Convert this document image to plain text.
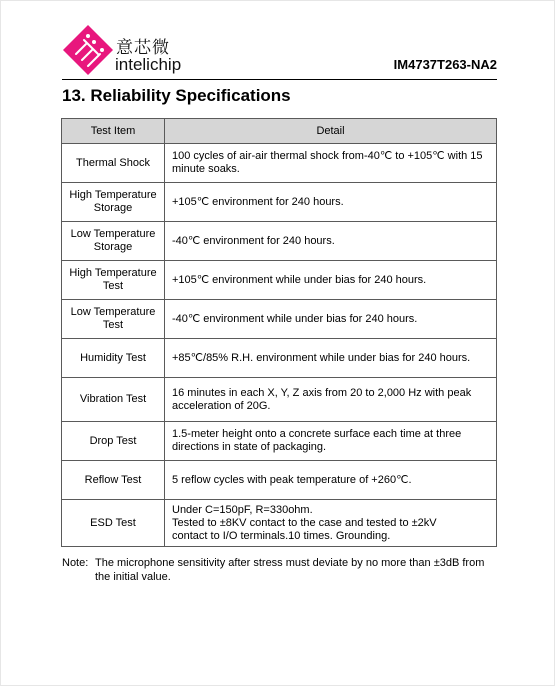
意芯微
intelichip	IM4737T263-NA2
13. Reliability Specifications
Test Item	Detail
Thermal Shock	100 cycles of air-air thermal shock from-40℃ to +105℃ with 15 minute soaks.
High Temperature Storage	+105℃ environment for 240 hours.
Low Temperature Storage	-40℃ environment for 240 hours.
High Temperature Test	+105℃ environment while under bias for 240 hours.
Low Temperature Test	-40℃ environment while under bias for 240 hours.
Humidity Test	+85℃/85% R.H. environment while under bias for 240 hours.
Vibration Test	16 minutes in each X, Y, Z axis from 20 to 2,000 Hz with peak acceleration of 20G.
Drop Test	1.5-meter height onto a concrete surface each time at three directions in state of packaging.
Reflow Test	5 reflow cycles with peak temperature of +260℃.
ESD Test	Under C=150pF, R=330ohm.
Tested to ±8KV contact to the case and tested to ±2kV
contact to I/O terminals.10 times. Grounding.
Note: The microphone sensitivity after stress must deviate by no more than ±3dB from the initial value.
